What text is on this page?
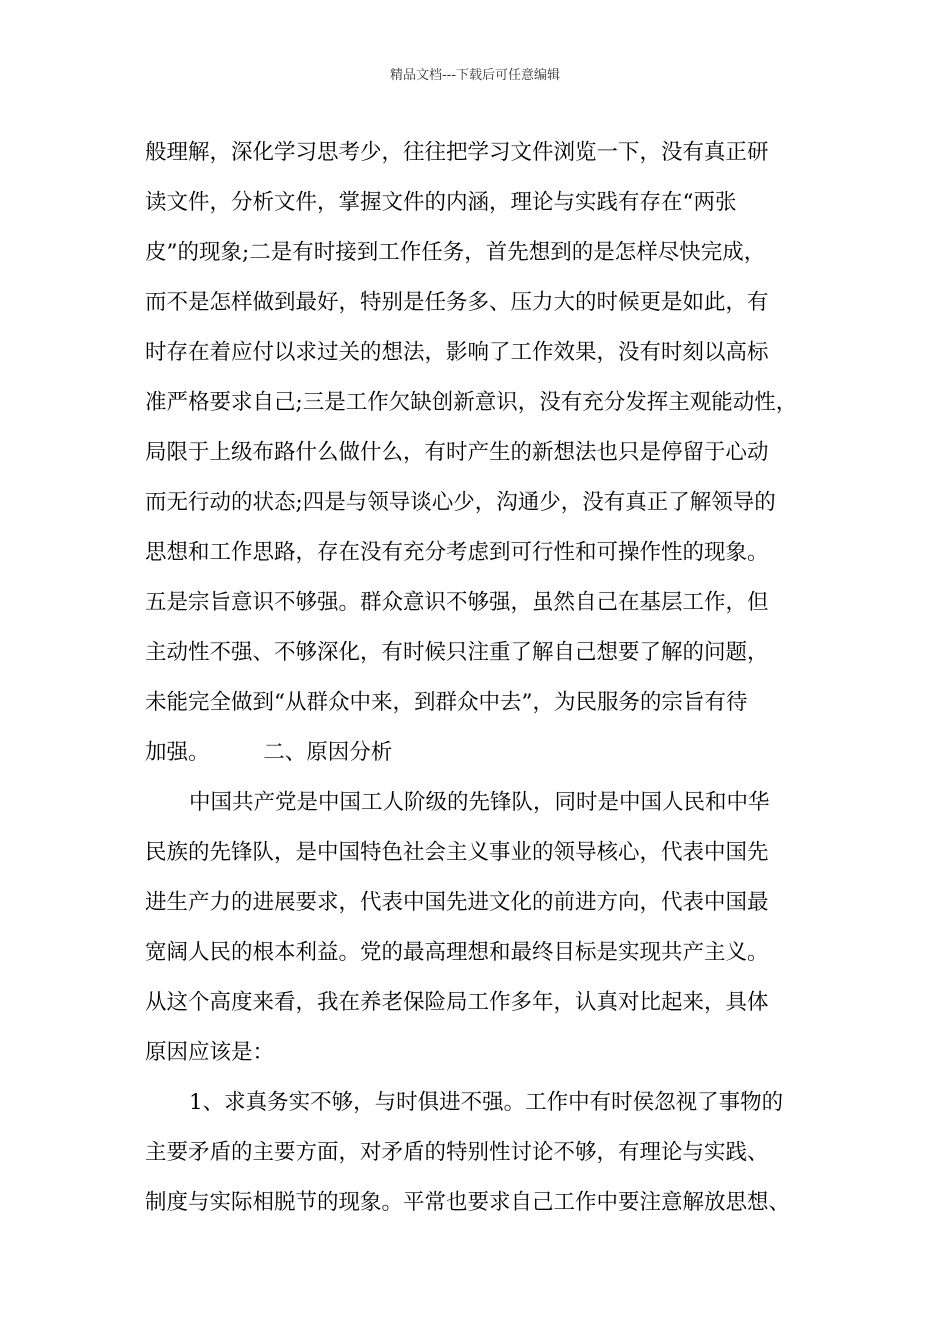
精品文档---下载后可任意编辑
般理解，深化学习思考少，往往把学习文件浏览一下，没有真正研
读文件，分析文件，掌握文件的内涵，理论与实践有存在“两张
皮”的现象;二是有时接到工作任务，首先想到的是怎样尽快完成，
而不是怎样做到最好，特别是任务多、压力大的时候更是如此，有
时存在着应付以求过关的想法，影响了工作效果，没有时刻以高标
准严格要求自己;三是工作欠缺创新意识，没有充分发挥主观能动性，
局限于上级布路什么做什么，有时产生的新想法也只是停留于心动
而无行动的状态;四是与领导谈心少，沟通少，没有真正了解领导的
思想和工作思路，存在没有充分考虑到可行性和可操作性的现象。
五是宗旨意识不够强。群众意识不够强，虽然自己在基层工作，但
主动性不强、不够深化，有时候只注重了解自己想要了解的问题，
未能完全做到“从群众中来，到群众中去”，为民服务的宗旨有待
加强。　　　二、原因分析
中国共产党是中国工人阶级的先锋队，同时是中国人民和中华
民族的先锋队，是中国特色社会主义事业的领导核心，代表中国先
进生产力的进展要求，代表中国先进文化的前进方向，代表中国最
宽阔人民的根本利益。党的最高理想和最终目标是实现共产主义。
从这个高度来看，我在养老保险局工作多年，认真对比起来，具体
原因应该是：
1、求真务实不够，与时俱进不强。工作中有时侯忽视了事物的
主要矛盾的主要方面，对矛盾的特别性讨论不够，有理论与实践、
制度与实际相脱节的现象。平常也要求自己工作中要注意解放思想、
